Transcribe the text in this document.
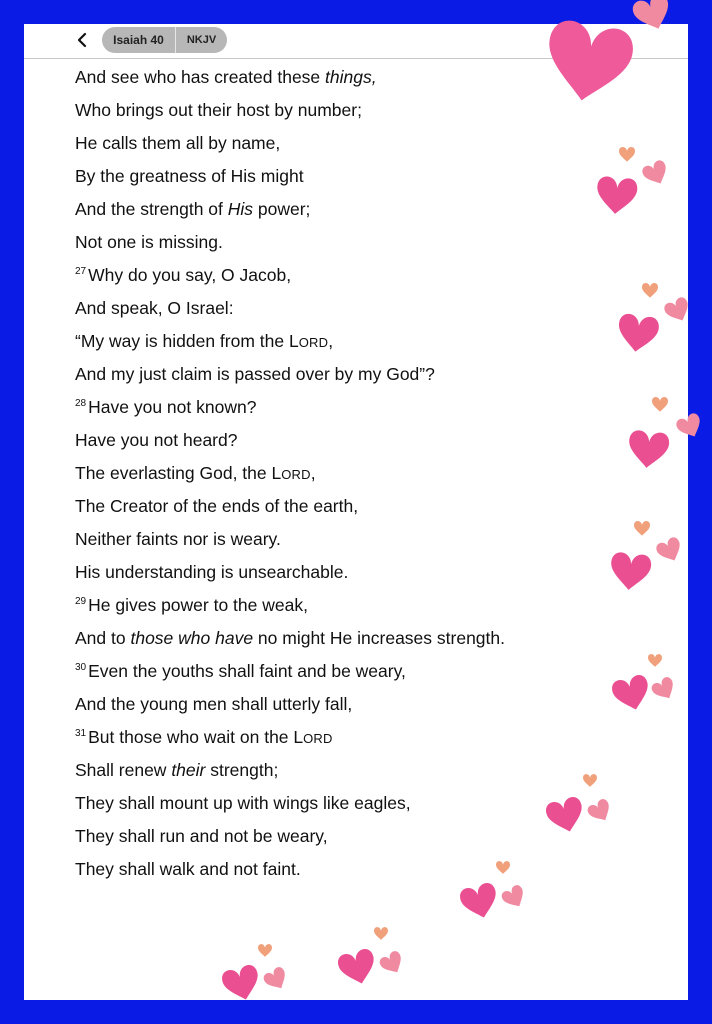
Isaiah 40	NKJV
And see who has created these things,
Who brings out their host by number;
He calls them all by name,
By the greatness of His might
And the strength of His power;
Not one is missing.
$^{27}$ Why do you say, O Jacob,
And speak, O Israel:
“My way is hidden from the LORD,
And my just claim is passed over by my God”?
$^{28}$ Have you not known?
Have you not heard?
The everlasting God, the LORD,
The Creator of the ends of the earth,
Neither faints nor is weary.
His understanding is unsearchable.
$^{29}$ He gives power to the weak,
And to those who have no might He increases strength.
$^{30}$ Even the youths shall faint and be weary,
And the young men shall utterly fall,
$^{31}$ But those who wait on the LORD
Shall renew their strength;
They shall mount up with wings like eagles,
They shall run and not be weary,
They shall walk and not faint.
